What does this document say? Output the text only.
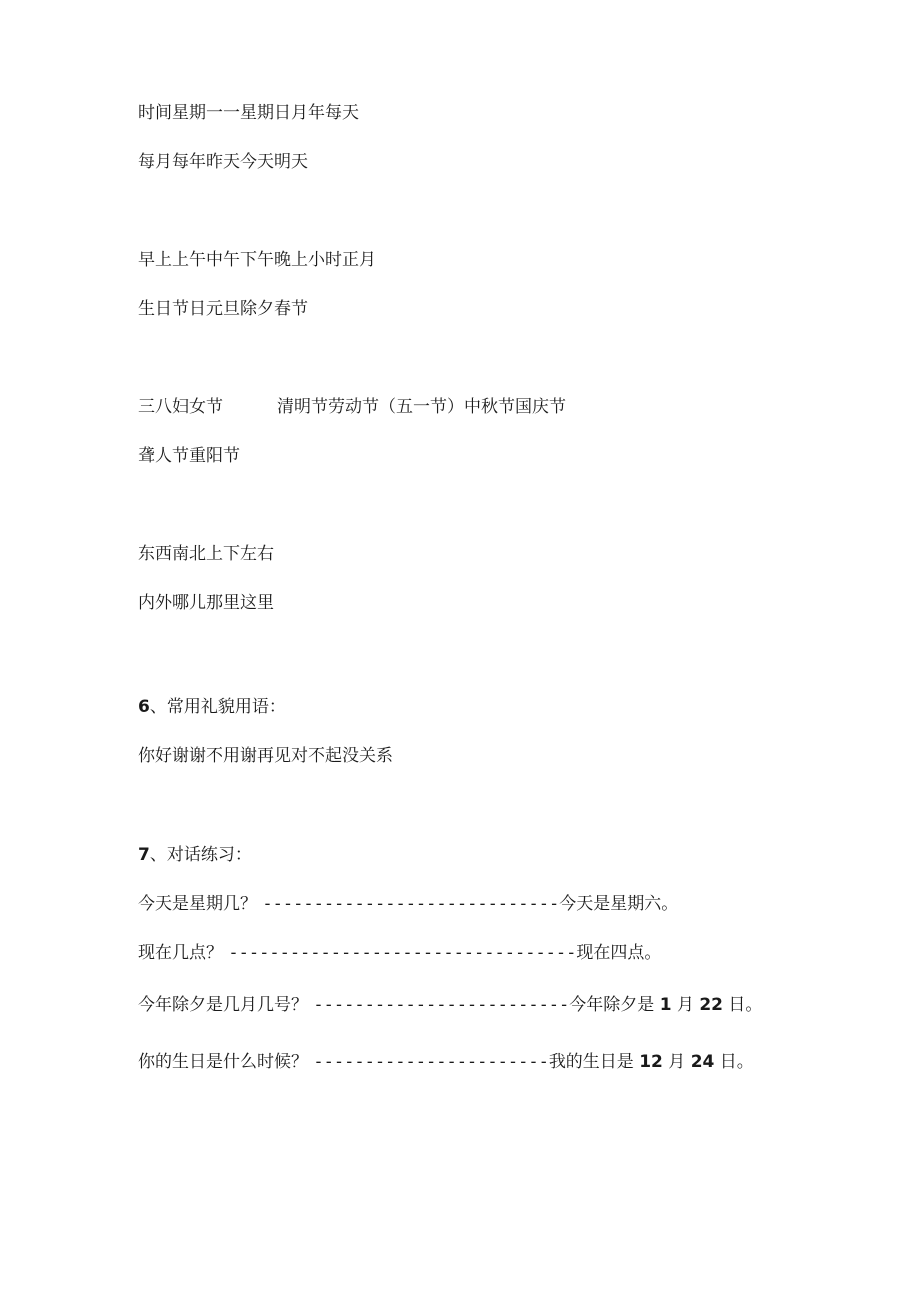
时间星期一一星期日月年每天
每月每年昨天今天明天
早上上午中午下午晚上小时正月
生日节日元旦除夕春节
三八妇女节	清明节劳动节（五一节）中秋节国庆节
聋人节重阳节
东西南北上下左右
内外哪儿那里这里
6、常用礼貌用语：
你好谢谢不用谢再见对不起没关系
7、对话练习：
今天是星期几？ -----------------------------今天是星期六。
现在几点？ ----------------------------------现在四点。
今年除夕是几月几号？ -------------------------今年除夕是 1 月 22 日。
你的生日是什么时候？ -----------------------我的生日是 12 月 24 日。
